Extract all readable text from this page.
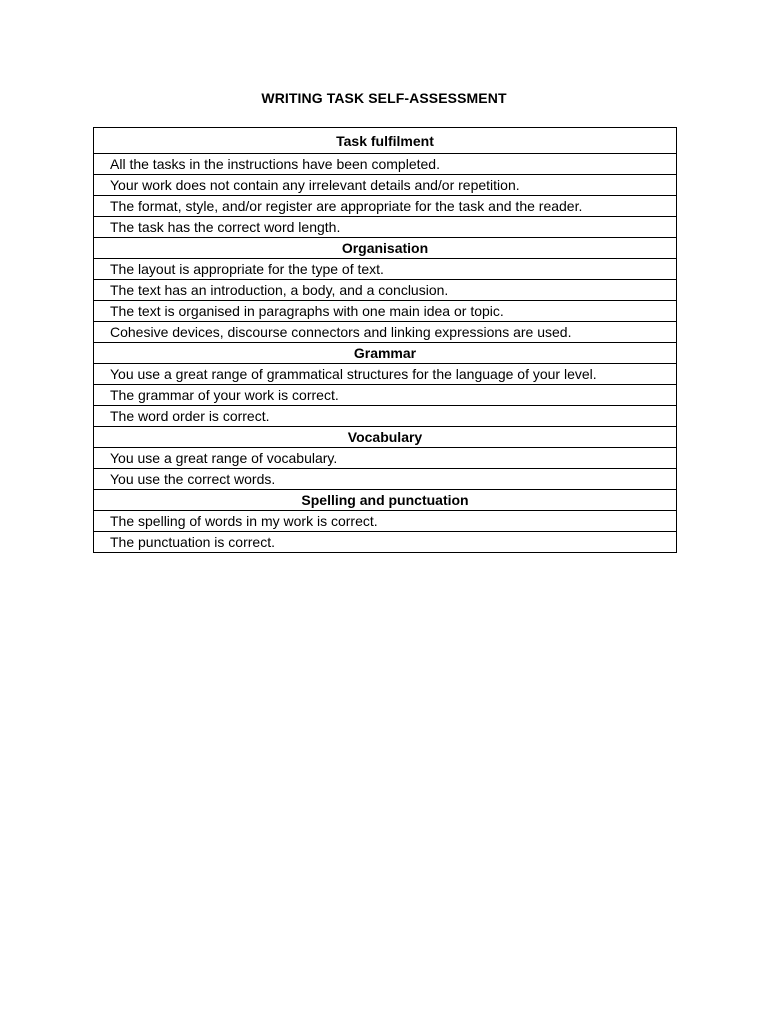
WRITING TASK SELF-ASSESSMENT
Task fulfilment
All the tasks in the instructions have been completed.
Your work does not contain any irrelevant details and/or repetition.
The format, style, and/or register are appropriate for the task and the reader.
The task has the correct word length.
Organisation
The layout is appropriate for the type of text.
The text has an introduction, a body, and a conclusion.
The text is organised in paragraphs with one main idea or topic.
Cohesive devices, discourse connectors and linking expressions are used.
Grammar
You use a great range of grammatical structures for the language of your level.
The grammar of your work is correct.
The word order is correct.
Vocabulary
You use a great range of vocabulary.
You use the correct words.
Spelling and punctuation
The spelling of words in my work is correct.
The punctuation is correct.
